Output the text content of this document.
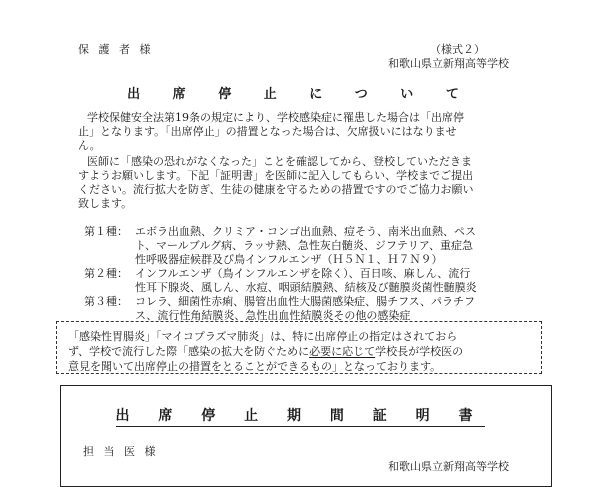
保 護 者 様	（様式２）
和歌山県立新翔高等学校
出 席 停 止 に つ い て
学校保健安全法第19条の規定により、学校感染症に罹患した場合は「出席停
止」となります。「出席停止」の措置となった場合は、欠席扱いにはなりませ
ん。
医師に「感染の恐れがなくなった」ことを確認してから、登校していただきま
すようお願いします。下記「証明書」を医師に記入してもらい、学校までご提出
ください。流行拡大を防ぎ、生徒の健康を守るための措置ですのでご協力お願い
致します。
第１種： エボラ出血熱、クリミア・コンゴ出血熱、痘そう、南米出血熱、ペス
ト、マールブルグ病、ラッサ熱、急性灰白髄炎、ジフテリア、重症急
性呼吸器症候群及び鳥インフルエンザ（Ｈ５Ｎ１、Ｈ７Ｎ９）
第２種： インフルエンザ（鳥インフルエンザを除く）、百日咳、麻しん、流行
性耳下腺炎、風しん、水痘、咽頭結膜熱、結核及び髄膜炎菌性髄膜炎
第３種： コレラ、細菌性赤痢、腸管出血性大腸菌感染症、腸チフス、パラチフ
ス、流行性角結膜炎、急性出血性結膜炎その他の感染症
「感染性胃腸炎」「マイコプラズマ肺炎」は、特に出席停止の指定はされておら
ず、学校で流行した際「感染の拡大を防ぐために必要に応じて学校長が学校医の
意見を聞いて出席停止の措置をとることができるもの」となっております。
出 席 停 止 期 間 証 明 書
担 当 医 様
和歌山県立新翔高等学校
